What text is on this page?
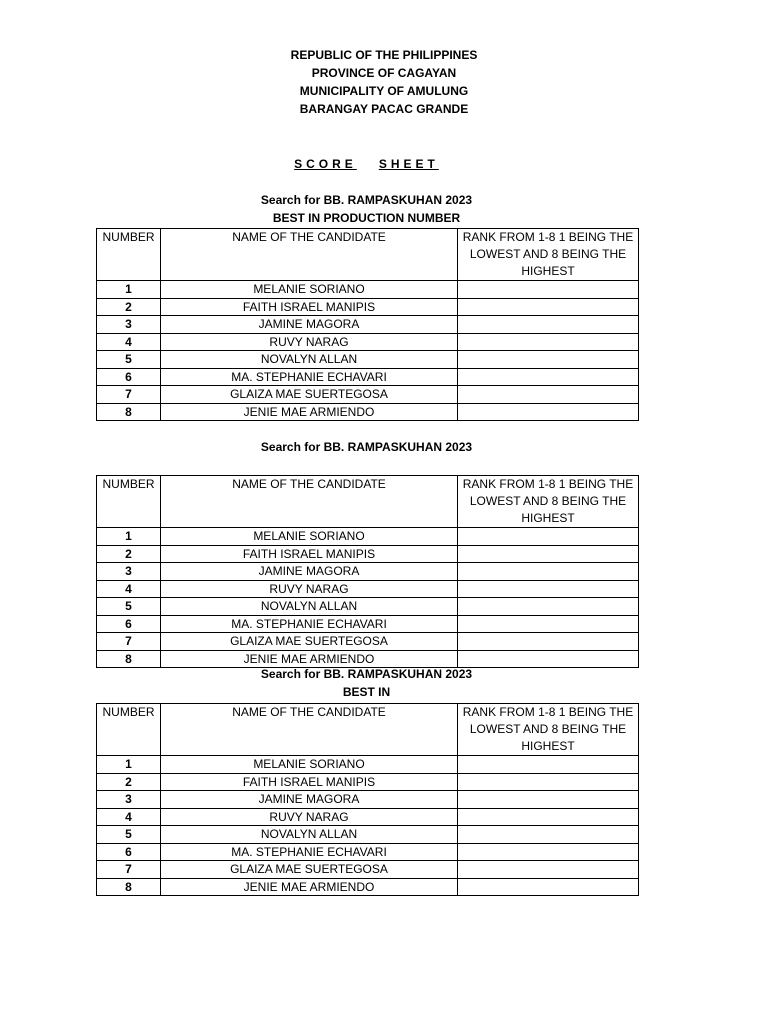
REPUBLIC OF THE PHILIPPINES
PROVINCE OF CAGAYAN
MUNICIPALITY OF AMULUNG
BARANGAY PACAC GRANDE
SCORE SHEET
Search for BB. RAMPASKUHAN 2023
BEST IN PRODUCTION NUMBER
NUMBER	NAME OF THE CANDIDATE	RANK FROM 1-8 1 BEING THE LOWEST AND 8 BEING THE HIGHEST
1	MELANIE SORIANO	
2	FAITH ISRAEL MANIPIS	
3	JAMINE MAGORA	
4	RUVY NARAG	
5	NOVALYN ALLAN	
6	MA. STEPHANIE ECHAVARI	
7	GLAIZA MAE SUERTEGOSA	
8	JENIE MAE ARMIENDO	
Search for BB. RAMPASKUHAN 2023
NUMBER	NAME OF THE CANDIDATE	RANK FROM 1-8 1 BEING THE LOWEST AND 8 BEING THE HIGHEST
1	MELANIE SORIANO	
2	FAITH ISRAEL MANIPIS	
3	JAMINE MAGORA	
4	RUVY NARAG	
5	NOVALYN ALLAN	
6	MA. STEPHANIE ECHAVARI	
7	GLAIZA MAE SUERTEGOSA	
8	JENIE MAE ARMIENDO	
Search for BB. RAMPASKUHAN 2023
BEST IN
NUMBER	NAME OF THE CANDIDATE	RANK FROM 1-8 1 BEING THE LOWEST AND 8 BEING THE HIGHEST
1	MELANIE SORIANO	
2	FAITH ISRAEL MANIPIS	
3	JAMINE MAGORA	
4	RUVY NARAG	
5	NOVALYN ALLAN	
6	MA. STEPHANIE ECHAVARI	
7	GLAIZA MAE SUERTEGOSA	
8	JENIE MAE ARMIENDO	
